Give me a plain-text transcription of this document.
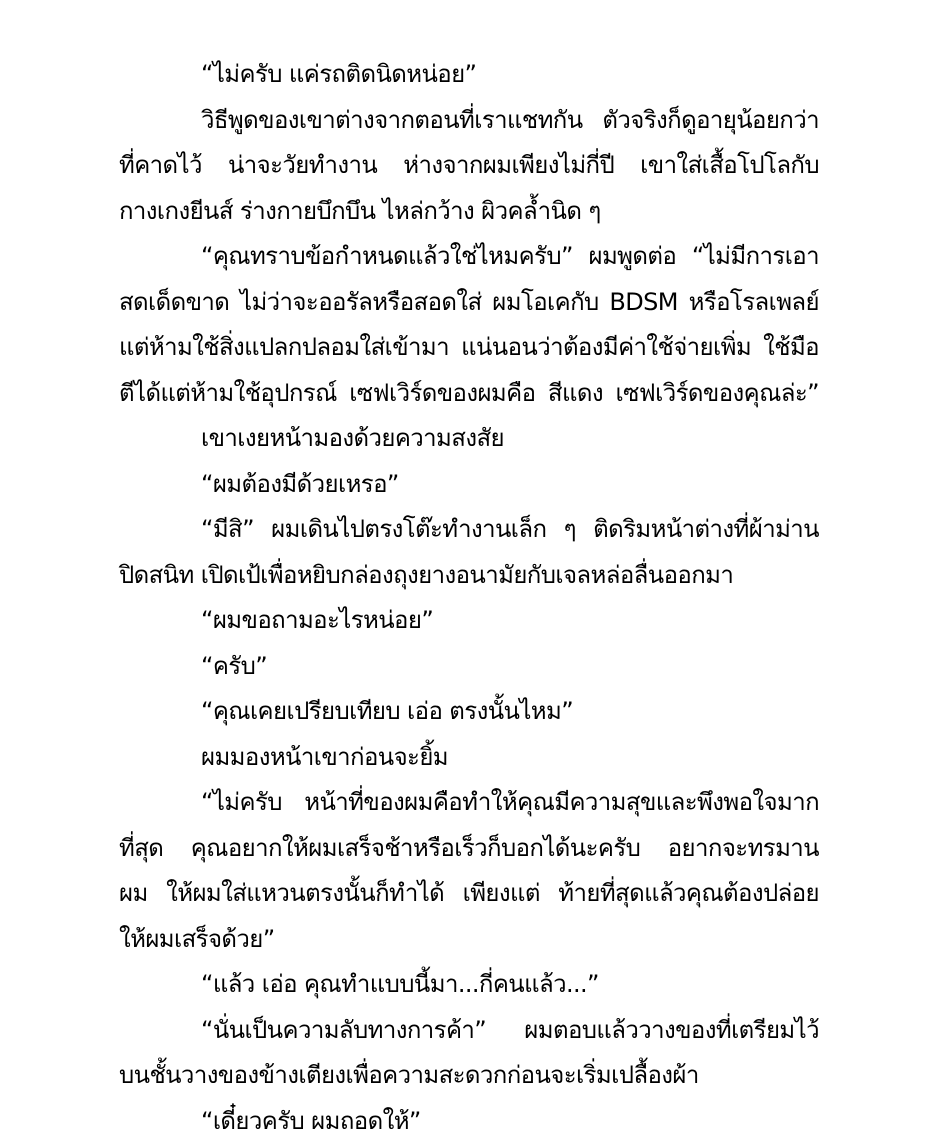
“ไม่ครับ แค่รถติดนิดหน่อย”
วิธีพูดของเขาต่างจากตอนที่เราแชทกัน ตัวจริงก็ดูอายุน้อยกว่า
ที่คาดไว้ น่าจะวัยทำงาน ห่างจากผมเพียงไม่กี่ปี เขาใส่เสื้อโปโลกับ
กางเกงยีนส์ ร่างกายบึกบึน ไหล่กว้าง ผิวคล้ำนิด ๆ
“คุณทราบข้อกำหนดแล้วใช่ไหมครับ” ผมพูดต่อ “ไม่มีการเอา
สดเด็ดขาด ไม่ว่าจะออรัลหรือสอดใส่ ผมโอเคกับ BDSM หรือโรลเพลย์
แต่ห้ามใช้สิ่งแปลกปลอมใส่เข้ามา แน่นอนว่าต้องมีค่าใช้จ่ายเพิ่ม ใช้มือ
ตีได้แต่ห้ามใช้อุปกรณ์ เซฟเวิร์ดของผมคือ สีแดง เซฟเวิร์ดของคุณล่ะ”
เขาเงยหน้ามองด้วยความสงสัย
“ผมต้องมีด้วยเหรอ”
“มีสิ” ผมเดินไปตรงโต๊ะทำงานเล็ก ๆ ติดริมหน้าต่างที่ผ้าม่าน
ปิดสนิท เปิดเป้เพื่อหยิบกล่องถุงยางอนามัยกับเจลหล่อลื่นออกมา
“ผมขอถามอะไรหน่อย”
“ครับ”
“คุณเคยเปรียบเทียบ เอ่อ ตรงนั้นไหม”
ผมมองหน้าเขาก่อนจะยิ้ม
“ไม่ครับ หน้าที่ของผมคือทำให้คุณมีความสุขและพึงพอใจมาก
ที่สุด คุณอยากให้ผมเสร็จช้าหรือเร็วก็บอกได้นะครับ อยากจะทรมาน
ผม ให้ผมใส่แหวนตรงนั้นก็ทำได้ เพียงแต่ ท้ายที่สุดแล้วคุณต้องปล่อย
ให้ผมเสร็จด้วย”
“แล้ว เอ่อ คุณทำแบบนี้มา...กี่คนแล้ว...”
“นั่นเป็นความลับทางการค้า” ผมตอบแล้ววางของที่เตรียมไว้
บนชั้นวางของข้างเตียงเพื่อความสะดวกก่อนจะเริ่มเปลื้องผ้า
“เดี๋ยวครับ ผมถอดให้”
